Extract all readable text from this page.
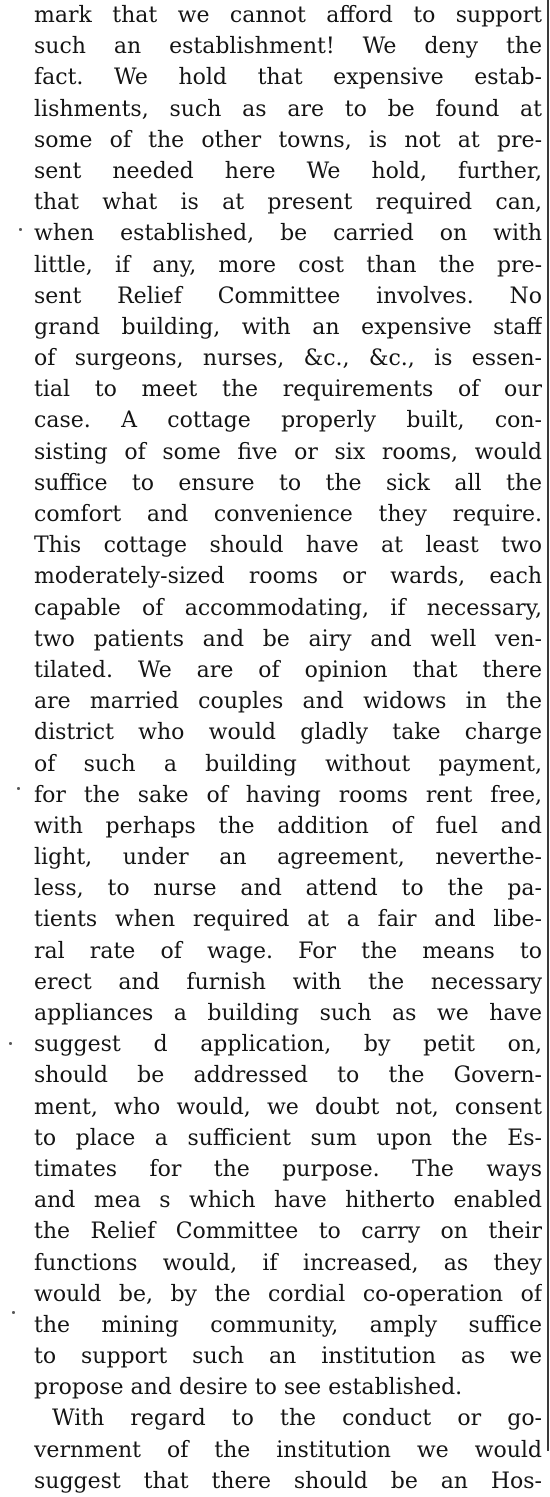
mark that we cannot afford to support
such an establishment! We deny the
fact. We hold that expensive estab-
lishments, such as are to be found at
some of the other towns, is not at pre-
sent needed here We hold, further,
that what is at present required can,
when established, be carried on with
little, if any, more cost than the pre-
sent Relief Committee involves. No
grand building, with an expensive staff
of surgeons, nurses, &c., &c., is essen-
tial to meet the requirements of our
case. A cottage properly built, con-
sisting of some five or six rooms, would
suffice to ensure to the sick all the
comfort and convenience they require.
This cottage should have at least two
moderately-sized rooms or wards, each
capable of accommodating, if necessary,
two patients and be airy and well ven-
tilated. We are of opinion that there
are married couples and widows in the
district who would gladly take charge
of such a building without payment,
for the sake of having rooms rent free,
with perhaps the addition of fuel and
light, under an agreement, neverthe-
less, to nurse and attend to the pa-
tients when required at a fair and libe-
ral rate of wage. For the means to
erect and furnish with the necessary
appliances a building such as we have
suggest d application, by petit on,
should be addressed to the Govern-
ment, who would, we doubt not, consent
to place a sufficient sum upon the Es-
timates for the purpose. The ways
and mea s which have hitherto enabled
the Relief Committee to carry on their
functions would, if increased, as they
would be, by the cordial co-operation of
the mining community, amply suffice
to support such an institution as we
propose and desire to see established.
With regard to the conduct or go-
vernment of the institution we would
suggest that there should be an Hos-
